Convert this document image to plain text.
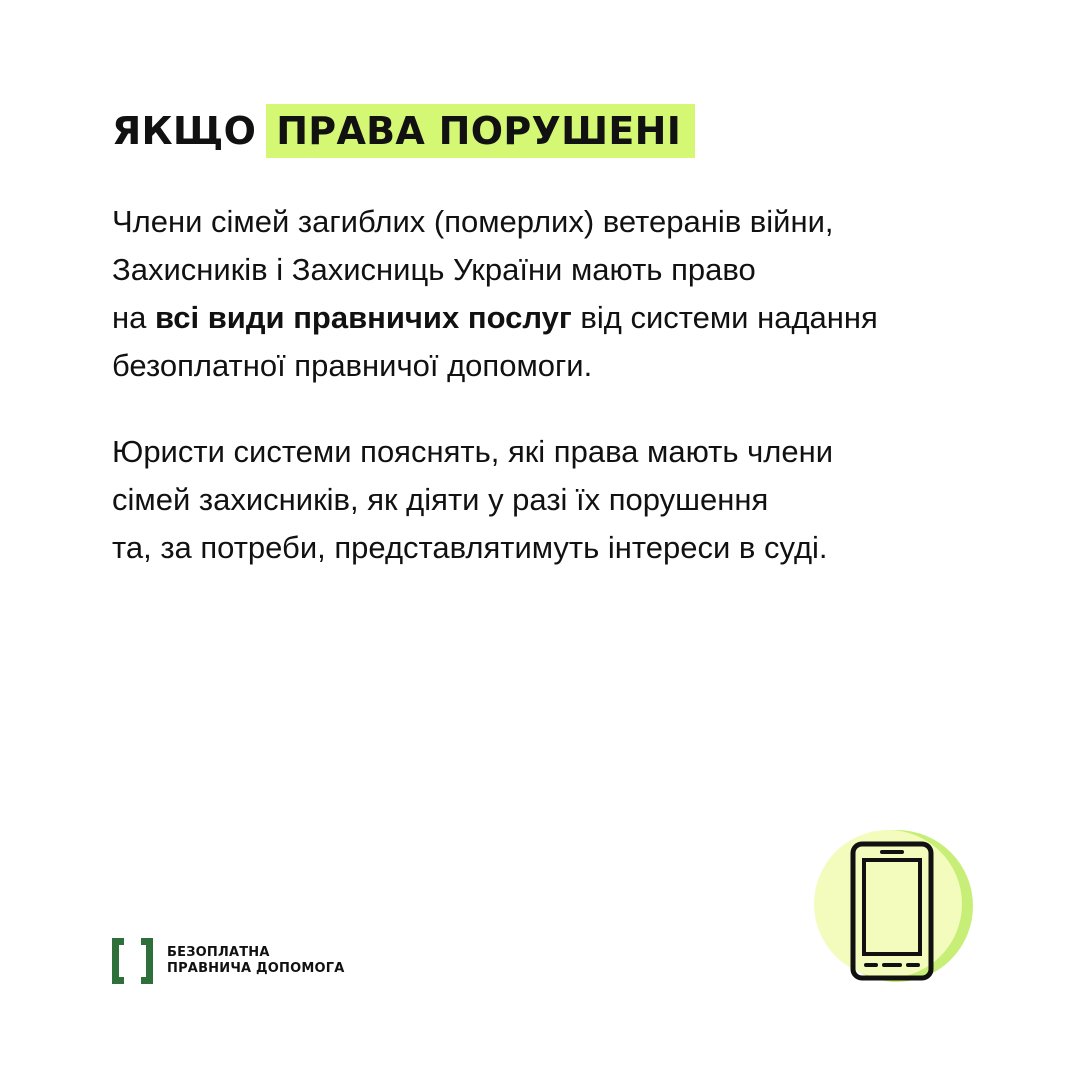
ЯКЩО ПРАВА ПОРУШЕНІ

Члени сімей загиблих (померлих) ветеранів війни,
Захисників і Захисниць України мають право
на всі види правничих послуг від системи надання
безоплатної правничої допомоги.

Юристи системи пояснять, які права мають члени
сімей захисників, як діяти у разі їх порушення
та, за потреби, представлятимуть інтереси в суді.

БЕЗОПЛАТНА
ПРАВНИЧА ДОПОМОГА
